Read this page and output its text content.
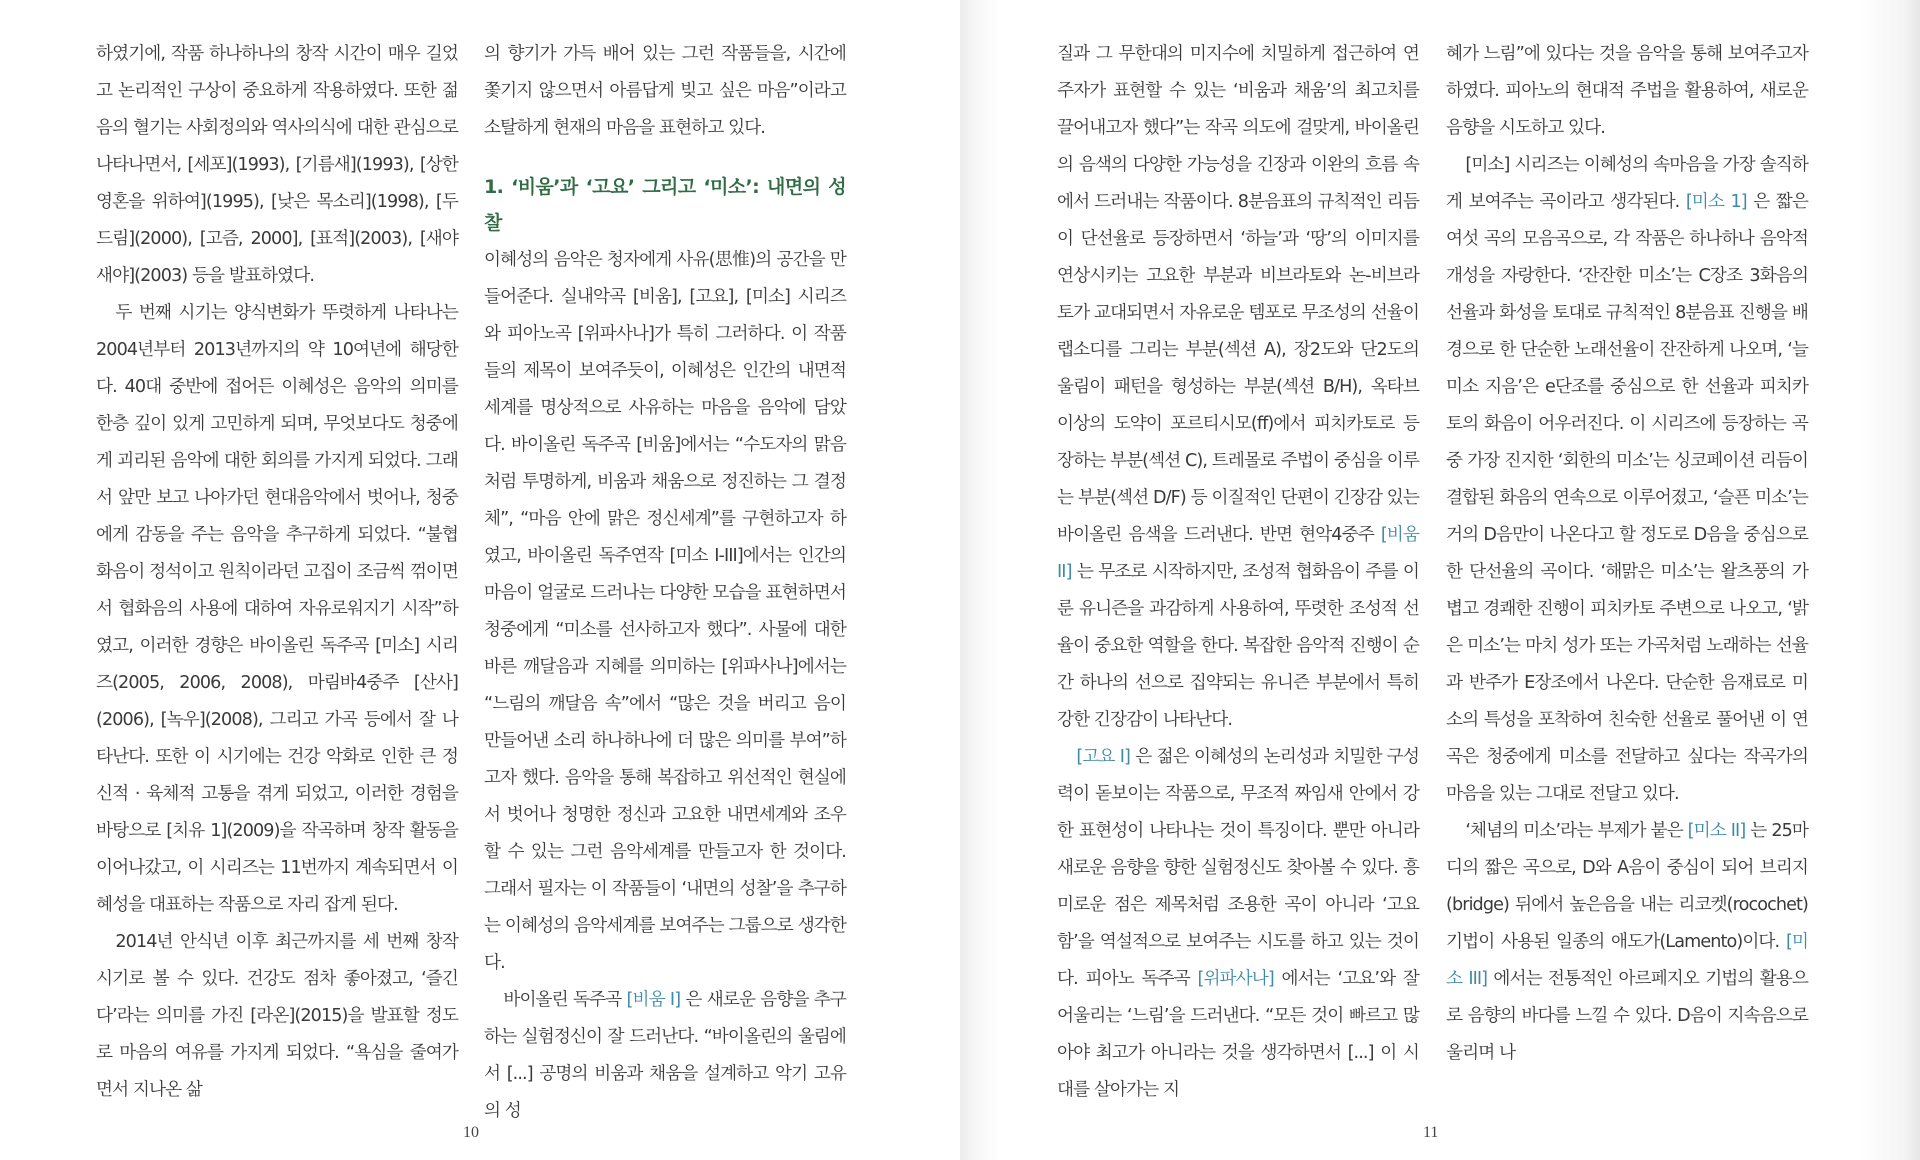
하였기에, 작품 하나하나의 창작 시간이 매우 길었고 논리적인 구상이 중요하게 작용하였다. 또한 젊음의 혈기는 사회정의와 역사의식에 대한 관심으로 나타나면서, [세포](1993), [기름새](1993), [상한영혼을 위하여](1995), [낮은 목소리](1998), [두드림](2000), [고즘, 2000], [표적](2003), [새야새야](2003) 등을 발표하였다.

두 번째 시기는 양식변화가 뚜렷하게 나타나는 2004년부터 2013년까지의 약 10여년에 해당한다. 40대 중반에 접어든 이혜성은 음악의 의미를 한층 깊이 있게 고민하게 되며, 무엇보다도 청중에게 괴리된 음악에 대한 회의를 가지게 되었다. 그래서 앞만 보고 나아가던 현대음악에서 벗어나, 청중에게 감동을 주는 음악을 추구하게 되었다. “불협화음이 정석이고 원칙이라던 고집이 조금씩 꺾이면서 협화음의 사용에 대하여 자유로워지기 시작”하였고, 이러한 경향은 바이올린 독주곡 [미소] 시리즈(2005, 2006, 2008), 마림바4중주 [산사](2006), [녹우](2008), 그리고 가곡 등에서 잘 나타난다. 또한 이 시기에는 건강 악화로 인한 큰 정신적 · 육체적 고통을 겪게 되었고, 이러한 경험을 바탕으로 [치유 1](2009)을 작곡하며 창작 활동을 이어나갔고, 이 시리즈는 11번까지 계속되면서 이혜성을 대표하는 작품으로 자리 잡게 된다.

2014년 안식년 이후 최근까지를 세 번째 창작시기로 볼 수 있다. 건강도 점차 좋아졌고, ‘즐긴다’라는 의미를 가진 [라온](2015)을 발표할 정도로 마음의 여유를 가지게 되었다. “욕심을 줄여가면서 지나온 삶

의 향기가 가득 배어 있는 그런 작품들을, 시간에 쫓기지 않으면서 아름답게 빚고 싶은 마음”이라고 소탈하게 현재의 마음을 표현하고 있다.

1. ‘비움’과 ‘고요’ 그리고 ‘미소’: 내면의 성찰

이혜성의 음악은 청자에게 사유(思惟)의 공간을 만들어준다. 실내악곡 [비움], [고요], [미소] 시리즈와 피아노곡 [위파사나]가 특히 그러하다. 이 작품들의 제목이 보여주듯이, 이혜성은 인간의 내면적 세계를 명상적으로 사유하는 마음을 음악에 담았다. 바이올린 독주곡 [비움]에서는 “수도자의 맑음처럼 투명하게, 비움과 채움으로 정진하는 그 결정체”, “마음 안에 맑은 정신세계”를 구현하고자 하였고, 바이올린 독주연작 [미소 I-III]에서는 인간의 마음이 얼굴로 드러나는 다양한 모습을 표현하면서 청중에게 “미소를 선사하고자 했다”. 사물에 대한 바른 깨달음과 지혜를 의미하는 [위파사나]에서는 “느림의 깨달음 속”에서 “많은 것을 버리고 음이 만들어낸 소리 하나하나에 더 많은 의미를 부여”하고자 했다. 음악을 통해 복잡하고 위선적인 현실에서 벗어나 청명한 정신과 고요한 내면세계와 조우할 수 있는 그런 음악세계를 만들고자 한 것이다. 그래서 필자는 이 작품들이 ‘내면의 성찰’을 추구하는 이혜성의 음악세계를 보여주는 그룹으로 생각한다.

바이올린 독주곡 [비움 I] 은 새로운 음향을 추구하는 실험정신이 잘 드러난다. “바이올린의 울림에서 [...] 공명의 비움과 채움을 설계하고 악기 고유의 성

10	11

질과 그 무한대의 미지수에 치밀하게 접근하여 연주자가 표현할 수 있는 ‘비움과 채움’의 최고치를 끌어내고자 했다”는 작곡 의도에 걸맞게, 바이올린의 음색의 다양한 가능성을 긴장과 이완의 흐름 속에서 드러내는 작품이다. 8분음표의 규칙적인 리듬이 단선율로 등장하면서 ‘하늘’과 ‘땅’의 이미지를 연상시키는 고요한 부분과 비브라토와 논-비브라토가 교대되면서 자유로운 템포로 무조성의 선율이 랩소디를 그리는 부분(섹션 A), 장2도와 단2도의 울림이 패턴을 형성하는 부분(섹션 B/H), 옥타브 이상의 도약이 포르티시모(ff)에서 피치카토로 등장하는 부분(섹션 C), 트레몰로 주법이 중심을 이루는 부분(섹션 D/F) 등 이질적인 단편이 긴장감 있는 바이올린 음색을 드러낸다. 반면 현악4중주 [비움 II] 는 무조로 시작하지만, 조성적 협화음이 주를 이룬 유니즌을 과감하게 사용하여, 뚜렷한 조성적 선율이 중요한 역할을 한다. 복잡한 음악적 진행이 순간 하나의 선으로 집약되는 유니즌 부분에서 특히 강한 긴장감이 나타난다.

[고요 I] 은 젊은 이혜성의 논리성과 치밀한 구성력이 돋보이는 작품으로, 무조적 짜임새 안에서 강한 표현성이 나타나는 것이 특징이다. 뿐만 아니라 새로운 음향을 향한 실험정신도 찾아볼 수 있다. 흥미로운 점은 제목처럼 조용한 곡이 아니라 ‘고요함’을 역설적으로 보여주는 시도를 하고 있는 것이다. 피아노 독주곡 [위파사나] 에서는 ‘고요’와 잘 어울리는 ‘느림’을 드러낸다. “모든 것이 빠르고 많아야 최고가 아니라는 것을 생각하면서 [...] 이 시대를 살아가는 지

혜가 느림”에 있다는 것을 음악을 통해 보여주고자 하였다. 피아노의 현대적 주법을 활용하여, 새로운 음향을 시도하고 있다.

[미소] 시리즈는 이혜성의 속마음을 가장 솔직하게 보여주는 곡이라고 생각된다. [미소 1] 은 짧은 여섯 곡의 모음곡으로, 각 작품은 하나하나 음악적 개성을 자랑한다. ‘잔잔한 미소’는 C장조 3화음의 선율과 화성을 토대로 규칙적인 8분음표 진행을 배경으로 한 단순한 노래선율이 잔잔하게 나오며, ‘늘 미소 지음’은 e단조를 중심으로 한 선율과 피치카토의 화음이 어우러진다. 이 시리즈에 등장하는 곡 중 가장 진지한 ‘회한의 미소’는 싱코페이션 리듬이 결합된 화음의 연속으로 이루어졌고, ‘슬픈 미소’는 거의 D음만이 나온다고 할 정도로 D음을 중심으로 한 단선율의 곡이다. ‘해맑은 미소’는 왈츠풍의 가볍고 경쾌한 진행이 피치카토 주변으로 나오고, ‘밝은 미소’는 마치 성가 또는 가곡처럼 노래하는 선율과 반주가 E장조에서 나온다. 단순한 음재료로 미소의 특성을 포착하여 친숙한 선율로 풀어낸 이 연곡은 청중에게 미소를 전달하고 싶다는 작곡가의 마음을 있는 그대로 전달고 있다.

‘체념의 미소’라는 부제가 붙은 [미소 II] 는 25마디의 짧은 곡으로, D와 A음이 중심이 되어 브리지(bridge) 뒤에서 높은음을 내는 리코켓(rocochet) 기법이 사용된 일종의 애도가(Lamento)이다. [미소 III] 에서는 전통적인 아르페지오 기법의 활용으로 음향의 바다를 느낄 수 있다. D음이 지속음으로 울리며 나
